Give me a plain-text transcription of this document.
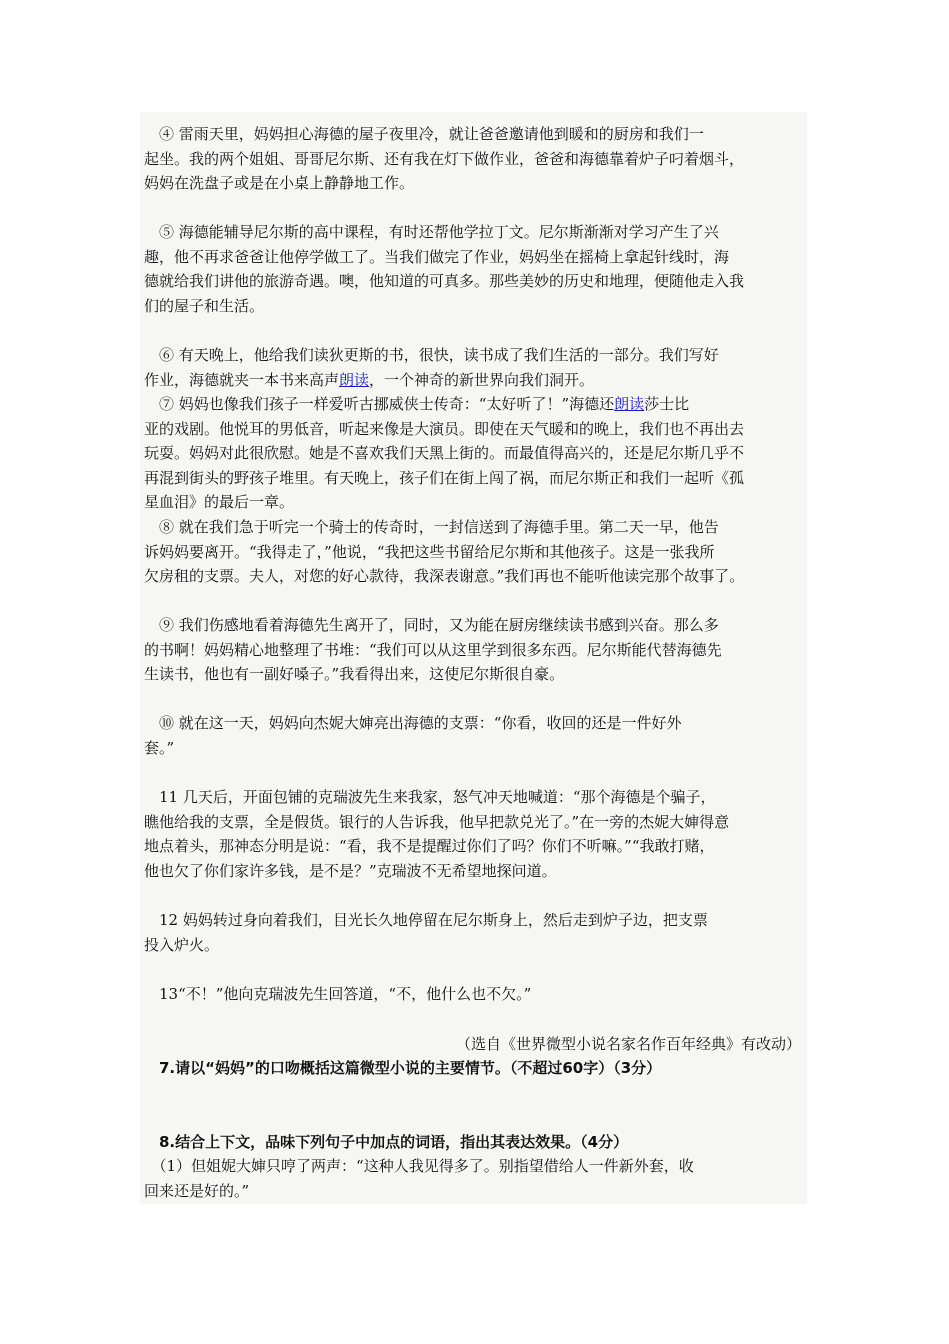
　④ 雷雨天里，妈妈担心海德的屋子夜里冷，就让爸爸邀请他到暖和的厨房和我们一
起坐。我的两个姐姐、哥哥尼尔斯、还有我在灯下做作业，爸爸和海德靠着炉子叼着烟斗，
妈妈在洗盘子或是在小桌上静静地工作。
　⑤ 海德能辅导尼尔斯的高中课程，有时还帮他学拉丁文。尼尔斯渐渐对学习产生了兴
趣，他不再求爸爸让他停学做工了。当我们做完了作业，妈妈坐在摇椅上拿起针线时，海
德就给我们讲他的旅游奇遇。噢，他知道的可真多。那些美妙的历史和地理，便随他走入我
们的屋子和生活。
　⑥ 有天晚上，他给我们读狄更斯的书，很快，读书成了我们生活的一部分。我们写好
作业，海德就夹一本书来高声朗读，一个神奇的新世界向我们洞开。
　⑦ 妈妈也像我们孩子一样爱听古挪威侠士传奇：“太好听了！”海德还朗读莎士比
亚的戏剧。他悦耳的男低音，听起来像是大演员。即使在天气暖和的晚上，我们也不再出去
玩耍。妈妈对此很欣慰。她是不喜欢我们天黑上街的。而最值得高兴的，还是尼尔斯几乎不
再混到街头的野孩子堆里。有天晚上，孩子们在街上闯了祸，而尼尔斯正和我们一起听《孤
星血泪》的最后一章。
　⑧ 就在我们急于听完一个骑士的传奇时，一封信送到了海德手里。第二天一早，他告
诉妈妈要离开。“我得走了，”他说，“我把这些书留给尼尔斯和其他孩子。这是一张我所
欠房租的支票。夫人，对您的好心款待，我深表谢意。”我们再也不能听他读完那个故事了。
　⑨ 我们伤感地看着海德先生离开了，同时，又为能在厨房继续读书感到兴奋。那么多
的书啊！妈妈精心地整理了书堆：“我们可以从这里学到很多东西。尼尔斯能代替海德先
生读书，他也有一副好嗓子。”我看得出来，这使尼尔斯很自豪。
　⑩ 就在这一天，妈妈向杰妮大婶亮出海德的支票：“你看，收回的还是一件好外
套。”
　11 几天后，开面包铺的克瑞波先生来我家，怒气冲天地喊道：“那个海德是个骗子，
瞧他给我的支票，全是假货。银行的人告诉我，他早把款兑光了。”在一旁的杰妮大婶得意
地点着头，那神态分明是说：“看，我不是提醒过你们了吗？你们不听嘛。”“我敢打赌，
他也欠了你们家许多钱，是不是？”克瑞波不无希望地探问道。
　12 妈妈转过身向着我们，目光长久地停留在尼尔斯身上，然后走到炉子边，把支票
投入炉火。
　13“不！”他向克瑞波先生回答道，“不，他什么也不欠。”
（选自《世界微型小说名家名作百年经典》有改动）
　7.请以“妈妈”的口吻概括这篇微型小说的主要情节。（不超过60字）（3分）
　8.结合上下文，品味下列句子中加点的词语，指出其表达效果。（4分）
　（1）但姐妮大婶只哼了两声：“这种人我见得多了。别指望借给人一件新外套，收
回来还是好的。”
